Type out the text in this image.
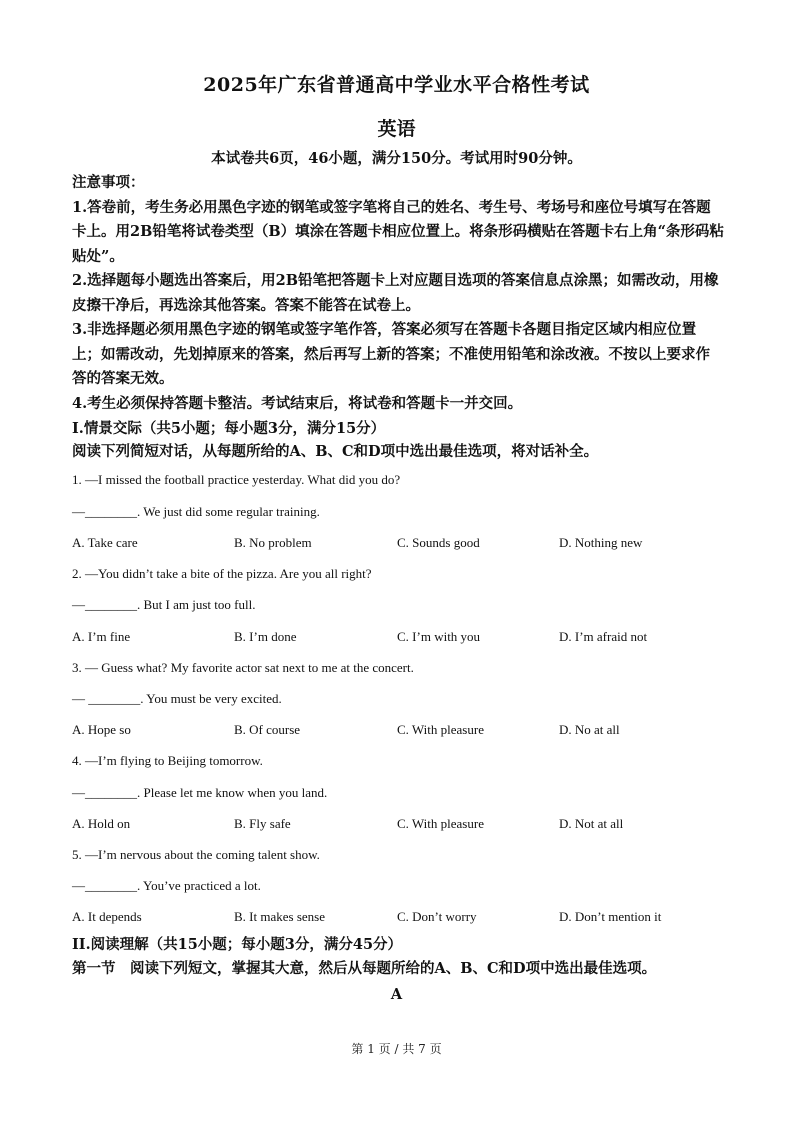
2025年广东省普通高中学业水平合格性考试
英语
本试卷共6页，46小题，满分150分。考试用时90分钟。

注意事项：

1.答卷前，考生务必用黑色字迹的钢笔或签字笔将自己的姓名、考生号、考场号和座位号填写在答题卡上。用2B铅笔将试卷类型（B）填涂在答题卡相应位置上。将条形码横贴在答题卡右上角“条形码粘贴处”。

2.选择题每小题选出答案后，用2B铅笔把答题卡上对应题目选项的答案信息点涂黑；如需改动，用橡皮擦干净后，再选涂其他答案。答案不能答在试卷上。

3.非选择题必须用黑色字迹的钢笔或签字笔作答，答案必须写在答题卡各题目指定区域内相应位置上；如需改动，先划掉原来的答案，然后再写上新的答案；不准使用铅笔和涂改液。不按以上要求作答的答案无效。

4.考生必须保持答题卡整洁。考试结束后，将试卷和答题卡一并交回。

I.情景交际（共5小题；每小题3分，满分15分）
阅读下列简短对话，从每题所给的A、B、C和D项中选出最佳选项，将对话补全。
1. —I missed the football practice yesterday. What did you do?
—________. We just did some regular training.
A. Take care	B. No problem	C. Sounds good	D. Nothing new
2. —You didn’t take a bite of the pizza. Are you all right?
—________. But I am just too full.
A. I’m fine	B. I’m done	C. I’m with you	D. I’m afraid not
3. — Guess what? My favorite actor sat next to me at the concert.
— ________. You must be very excited.
A. Hope so	B. Of course	C. With pleasure	D. No at all
4. —I’m flying to Beijing tomorrow.
—________. Please let me know when you land.
A. Hold on	B. Fly safe	C. With pleasure	D. Not at all
5. —I’m nervous about the coming talent show.
—________. You’ve practiced a lot.
A. It depends	B. It makes sense	C. Don’t worry	D. Don’t mention it
II.阅读理解（共15小题；每小题3分，满分45分）
第一节　阅读下列短文，掌握其大意，然后从每题所给的A、B、C和D项中选出最佳选项。
A
第 1 页 / 共 7 页
